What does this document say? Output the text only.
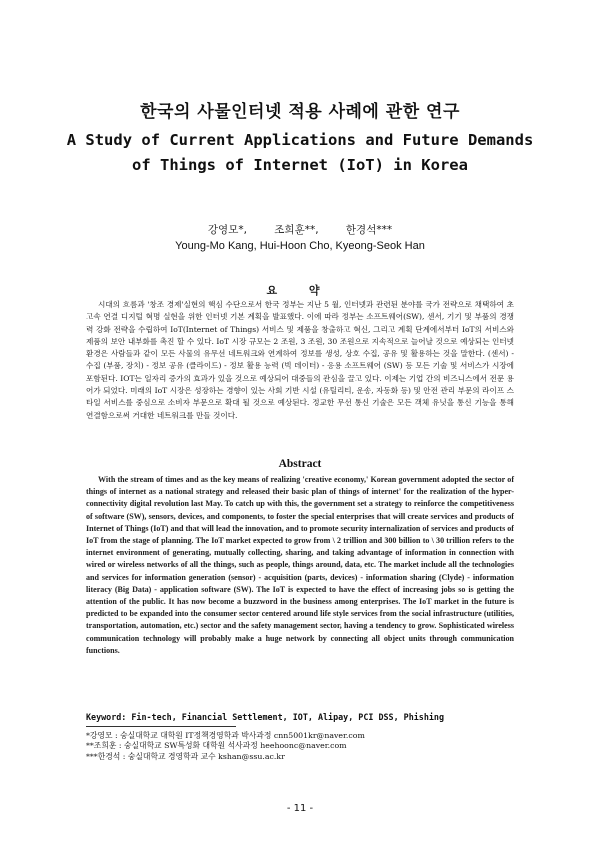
한국의 사물인터넷 적용 사례에 관한 연구
A Study of Current Applications and Future Demands of Things of Internet (IoT) in Korea
강영모*,	조희훈**,	한경석***
Young-Mo Kang, Hui-Hoon Cho, Kyeong-Seok Han
요 약
시대의 흐름과 '창조 경제'실현의 핵심 수단으로서 한국 정부는 지난 5 월, 인터넷과 관련된 분야를 국가 전략으로 채택하여 초고속 연결 디지털 혁명 실현을 위한 인터넷 기본 계획을 발표했다. 이에 따라 정부는 소프트웨어(SW), 센서, 기기 및 부품의 경쟁력 강화 전략을 수립하여 IoT(Internet of Things) 서비스 및 제품을 창출하고 혁신, 그리고 계획 단계에서부터 IoT의 서비스와 제품의 보안 내부화를 촉진 할 수 있다. IoT 시장 규모는 2 조원, 3 조원, 30 조원으로 지속적으로 늘어날 것으로 예상되는 인터넷 환경은 사람들과 같이 모든 사물의 유무선 네트워크와 연계하여 정보를 생성, 상호 수집, 공유 및 활용하는 것을 말한다. (센서) - 수집 (부품, 장치) - 정보 공유 (클라이드) - 정보 활용 능력 (빅 데이터) - 응용 소프트웨어 (SW) 등 모든 기술 및 서비스가 시장에 포함된다. IOT는 일자리 증가의 효과가 있을 것으로 예상되어 대중들의 관심을 끌고 있다. 이제는 기업 간의 비즈니스에서 전문 용어가 되었다. 미래의 IoT 시장은 성장하는 경향이 있는 사회 기반 시설 (유틸리티, 운송, 자동화 등) 및 안전 관리 부문의 라이프 스타일 서비스를 중심으로 소비자 부문으로 확대 될 것으로 예상된다. 정교한 무선 통신 기술은 모든 객체 유닛을 통신 기능을 통해 연결함으로써 거대한 네트워크를 만들 것이다.
Abstract
With the stream of times and as the key means of realizing 'creative economy,' Korean government adopted the sector of things of internet as a national strategy and released their basic plan of things of internet' for the realization of the hyper-connectivity digital revolution last May. To catch up with this, the government set a strategy to reinforce the competitiveness of software (SW), sensors, devices, and components, to foster the special enterprises that will create services and products of Internet of Things (IoT) and that will lead the innovation, and to promote security internalization of services and products of IoT from the stage of planning. The IoT market expected to grow from \ 2 trillion and 300 billion to \ 30 trillion refers to the internet environment of generating, mutually collecting, sharing, and taking advantage of information in connection with wired or wireless networks of all the things, such as people, things around, data, etc. The market include all the technologies and services for information generation (sensor) - acquisition (parts, devices) - information sharing (Clyde) - information literacy (Big Data) - application software (SW). The IoT is expected to have the effect of increasing jobs so is getting the attention of the public. It has now become a buzzword in the business among enterprises. The IoT market in the future is predicted to be expanded into the consumer sector centered around life style services from the social infrastructure (utilities, transportation, automation, etc.) sector and the safety management sector, having a tendency to grow. Sophisticated wireless communication technology will probably make a huge network by connecting all object units through communication functions.
Keyword: Fin-tech, Financial Settlement, IOT, Alipay, PCI DSS, Phishing
*강영모 : 숭실대학교 대학원 IT정책경영학과 박사과정 cnn5001kr@naver.com
**조희훈 : 숭실대학교 SW특성화 대학원 석사과정 heehoonc@naver.com
***한경석 : 숭실대학교 경영학과 교수 kshan@ssu.ac.kr
- 11 -
